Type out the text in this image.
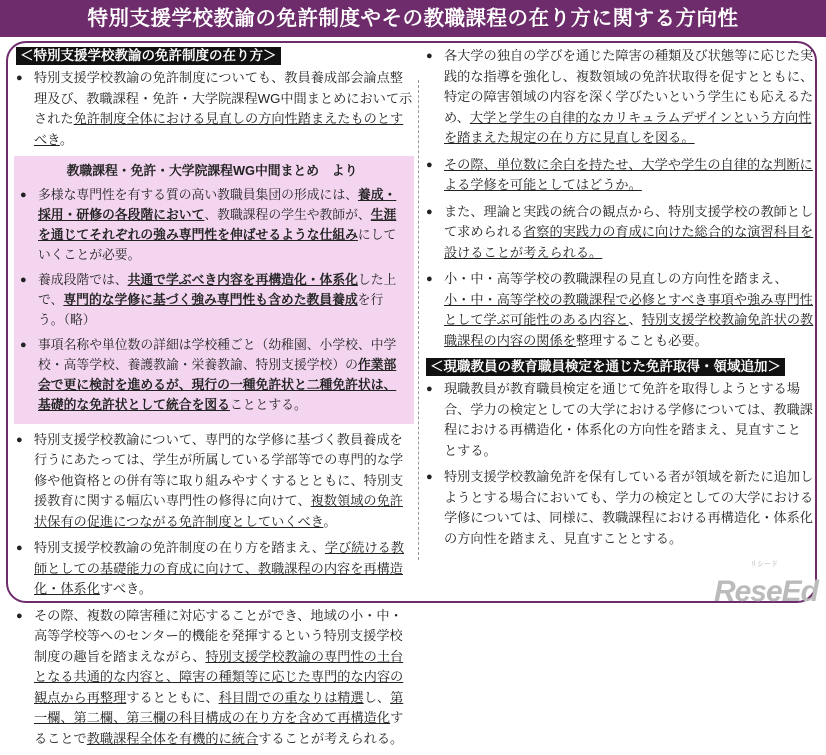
特別支援学校教諭の免許制度やその教職課程の在り方に関する方向性
＜特別支援学校教諭の免許制度の在り方＞
● 特別支援学校教諭の免許制度についても、教員養成部会論点整理及び、教職課程・免許・大学院課程WG中間まとめにおいて示された免許制度全体における見直しの方向性踏まえたものとすべき。
教職課程・免許・大学院課程WG中間まとめ　より
● 多様な専門性を有する質の高い教職員集団の形成には、養成・採用・研修の各段階において、教職課程の学生や教師が、生涯を通じてそれぞれの強み専門性を伸ばせるような仕組みにしていくことが必要。
● 養成段階では、共通で学ぶべき内容を再構造化・体系化した上で、専門的な学修に基づく強み専門性も含めた教員養成を行う。（略）
● 事項名称や単位数の詳細は学校種ごと（幼稚園、小学校、中学校・高等学校、養護教諭・栄養教諭、特別支援学校）の作業部会で更に検討を進めるが、現行の一種免許状と二種免許状は、基礎的な免許状として統合を図ることとする。
● 特別支援学校教諭について、専門的な学修に基づく教員養成を行うにあたっては、学生が所属している学部等での専門的な学修や他資格との併有等に取り組みやすくするとともに、特別支援教育に関する幅広い専門性の修得に向けて、複数領域の免許状保有の促進につながる免許制度としていくべき。
● 特別支援学校教諭の免許制度の在り方を踏まえ、学び続ける教師としての基礎能力の育成に向けて、教職課程の内容を再構造化・体系化すべき。
● その際、複数の障害種に対応することができ、地域の小・中・高等学校等へのセンター的機能を発揮するという特別支援学校制度の趣旨を踏まえながら、特別支援学校教諭の専門性の土台となる共通的な内容と、障害の種類等に応じた専門的な内容の観点から再整理するとともに、科目間での重なりは精選し、第一欄、第二欄、第三欄の科目構成の在り方を含めて再構造化することで教職課程全体を有機的に統合することが考えられる。
● 各大学の独自の学びを通じた障害の種類及び状態等に応じた実践的な指導を強化し、複数領域の免許状取得を促すとともに、特定の障害領域の内容を深く学びたいという学生にも応えるため、大学と学生の自律的なカリキュラムデザインという方向性を踏まえた規定の在り方に見直しを図る。
● その際、単位数に余白を持たせ、大学や学生の自律的な判断による学修を可能としてはどうか。
● また、理論と実践の統合の観点から、特別支援学校の教師として求められる省察的実践力の育成に向けた総合的な演習科目を設けることが考えられる。
● 小・中・高等学校の教職課程の見直しの方向性を踏まえ、小・中・高等学校の教職課程で必修とすべき事項や強み専門性として学ぶ可能性のある内容と、特別支援学校教諭免許状の教職課程の内容の関係を整理することも必要。
＜現職教員の教育職員検定を通じた免許取得・領域追加＞
● 現職教員が教育職員検定を通じて免許を取得しようとする場合、学力の検定としての大学における学修については、教職課程における再構造化・体系化の方向性を踏まえ、見直すこととする。
● 特別支援学校教諭免許を保有している者が領域を新たに追加しようとする場合においても、学力の検定としての大学における学修については、同様に、教職課程における再構造化・体系化の方向性を踏まえ、見直すこととする。
リシード
ReseEd
